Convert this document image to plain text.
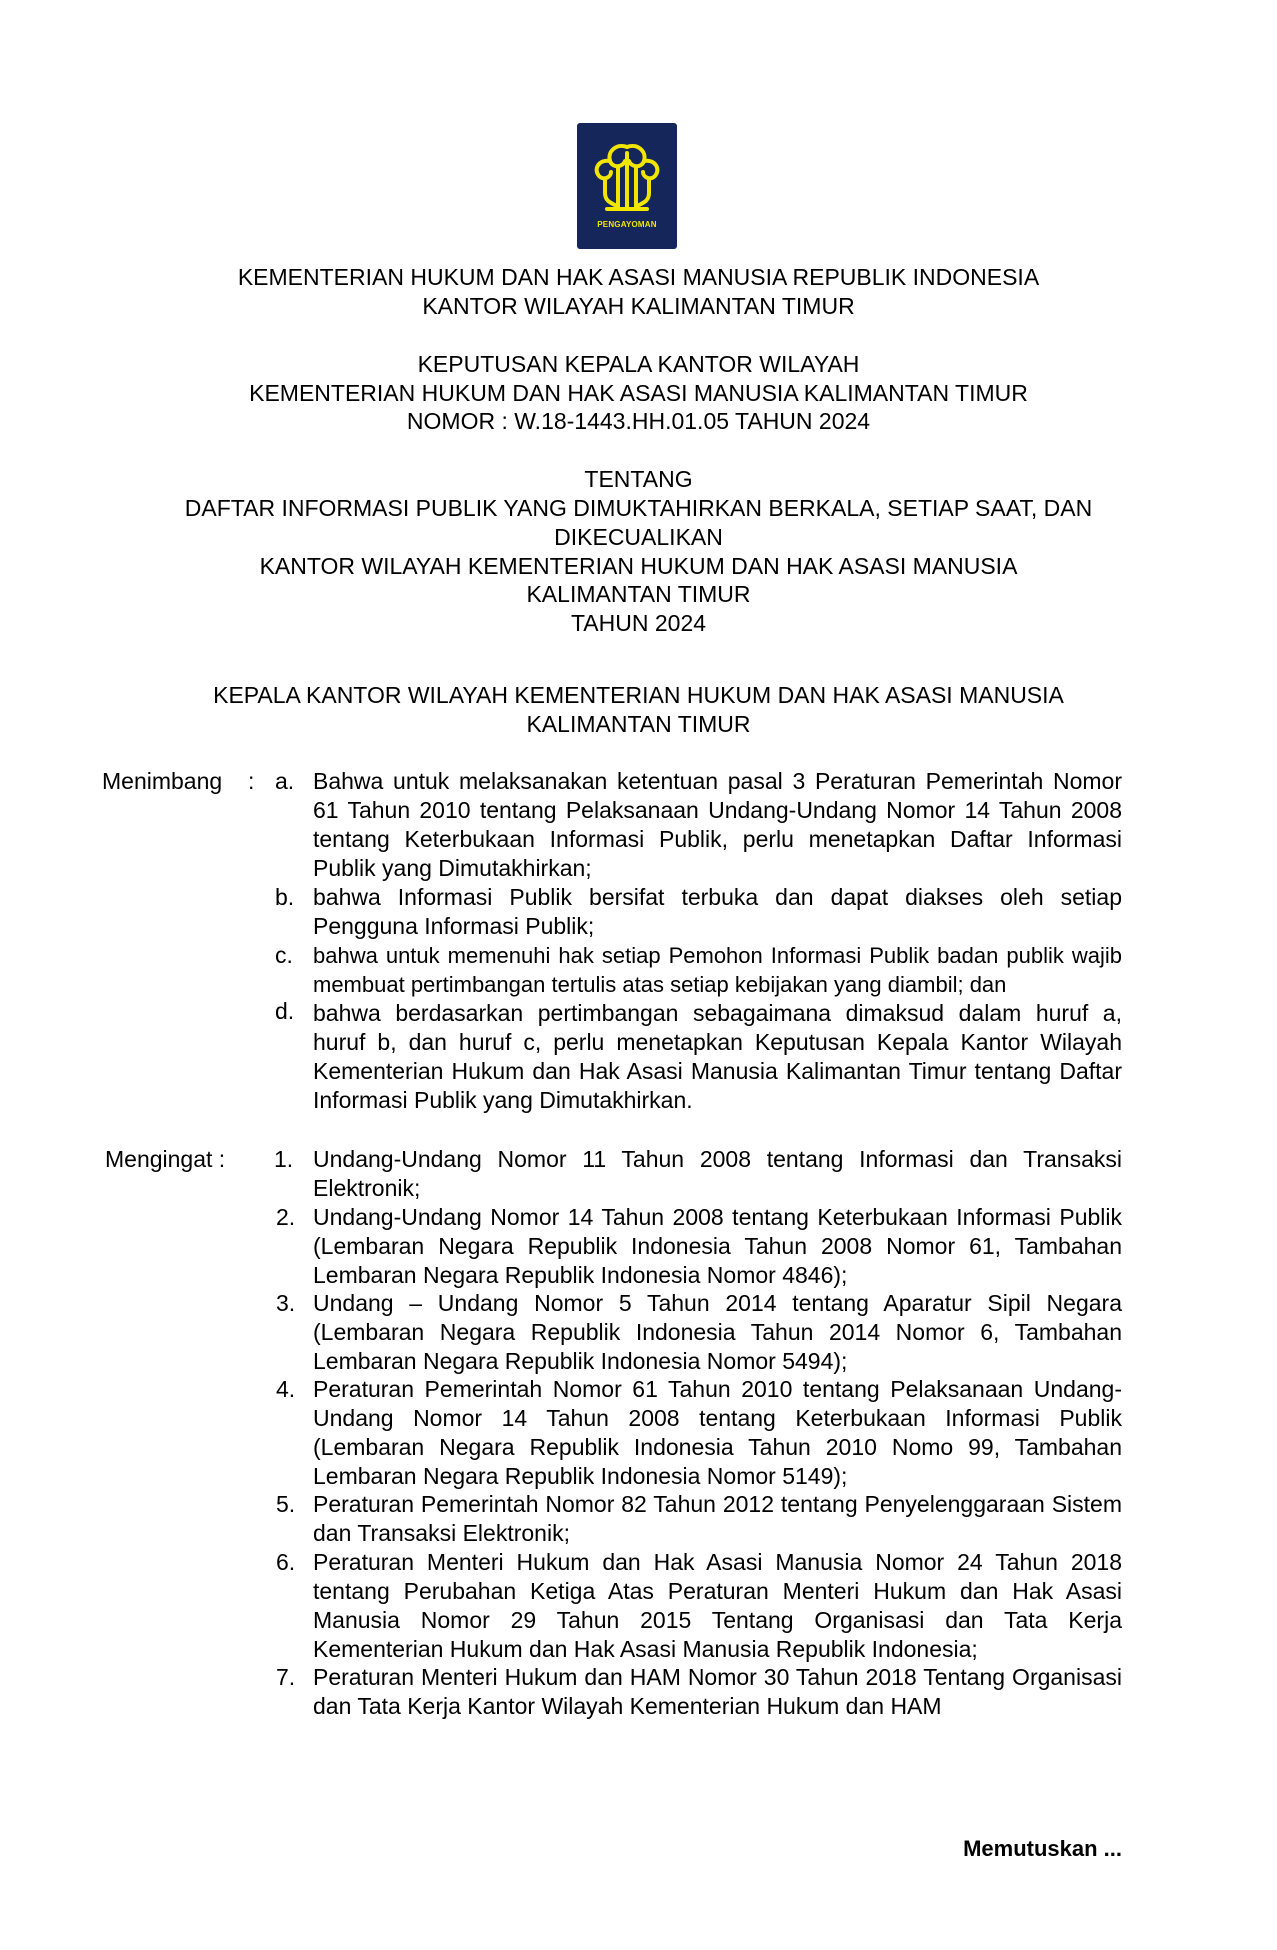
PENGAYOMAN
KEMENTERIAN HUKUM DAN HAK ASASI MANUSIA REPUBLIK INDONESIA
KANTOR WILAYAH KALIMANTAN TIMUR
KEPUTUSAN KEPALA KANTOR WILAYAH
KEMENTERIAN HUKUM DAN HAK ASASI MANUSIA KALIMANTAN TIMUR
NOMOR : W.18-1443.HH.01.05 TAHUN 2024
TENTANG
DAFTAR INFORMASI PUBLIK YANG DIMUKTAHIRKAN BERKALA, SETIAP SAAT, DAN
DIKECUALIKAN
KANTOR WILAYAH KEMENTERIAN HUKUM DAN HAK ASASI MANUSIA
KALIMANTAN TIMUR
TAHUN 2024
KEPALA KANTOR WILAYAH KEMENTERIAN HUKUM DAN HAK ASASI MANUSIA
KALIMANTAN TIMUR
Menimbang : a. Bahwa untuk melaksanakan ketentuan pasal 3 Peraturan Pemerintah Nomor 61 Tahun 2010 tentang Pelaksanaan Undang-Undang Nomor 14 Tahun 2008 tentang Keterbukaan Informasi Publik, perlu menetapkan Daftar Informasi Publik yang Dimutakhirkan;
b. bahwa Informasi Publik bersifat terbuka dan dapat diakses oleh setiap Pengguna Informasi Publik;
c. bahwa untuk memenuhi hak setiap Pemohon Informasi Publik badan publik wajib membuat pertimbangan tertulis atas setiap kebijakan yang diambil; dan
d. bahwa berdasarkan pertimbangan sebagaimana dimaksud dalam huruf a, huruf b, dan huruf c, perlu menetapkan Keputusan Kepala Kantor Wilayah Kementerian Hukum dan Hak Asasi Manusia Kalimantan Timur tentang Daftar Informasi Publik yang Dimutakhirkan.
Mengingat : 1. Undang-Undang Nomor 11 Tahun 2008 tentang Informasi dan Transaksi Elektronik;
2. Undang-Undang Nomor 14 Tahun 2008 tentang Keterbukaan Informasi Publik (Lembaran Negara Republik Indonesia Tahun 2008 Nomor 61, Tambahan Lembaran Negara Republik Indonesia Nomor 4846);
3. Undang – Undang Nomor 5 Tahun 2014 tentang Aparatur Sipil Negara (Lembaran Negara Republik Indonesia Tahun 2014 Nomor 6, Tambahan Lembaran Negara Republik Indonesia Nomor 5494);
4. Peraturan Pemerintah Nomor 61 Tahun 2010 tentang Pelaksanaan Undang-Undang Nomor 14 Tahun 2008 tentang Keterbukaan Informasi Publik (Lembaran Negara Republik Indonesia Tahun 2010 Nomo 99, Tambahan Lembaran Negara Republik Indonesia Nomor 5149);
5. Peraturan Pemerintah Nomor 82 Tahun 2012 tentang Penyelenggaraan Sistem dan Transaksi Elektronik;
6. Peraturan Menteri Hukum dan Hak Asasi Manusia Nomor 24 Tahun 2018 tentang Perubahan Ketiga Atas Peraturan Menteri Hukum dan Hak Asasi Manusia Nomor 29 Tahun 2015 Tentang Organisasi dan Tata Kerja Kementerian Hukum dan Hak Asasi Manusia Republik Indonesia;
7. Peraturan Menteri Hukum dan HAM Nomor 30 Tahun 2018 Tentang Organisasi dan Tata Kerja Kantor Wilayah Kementerian Hukum dan HAM
Memutuskan ...
